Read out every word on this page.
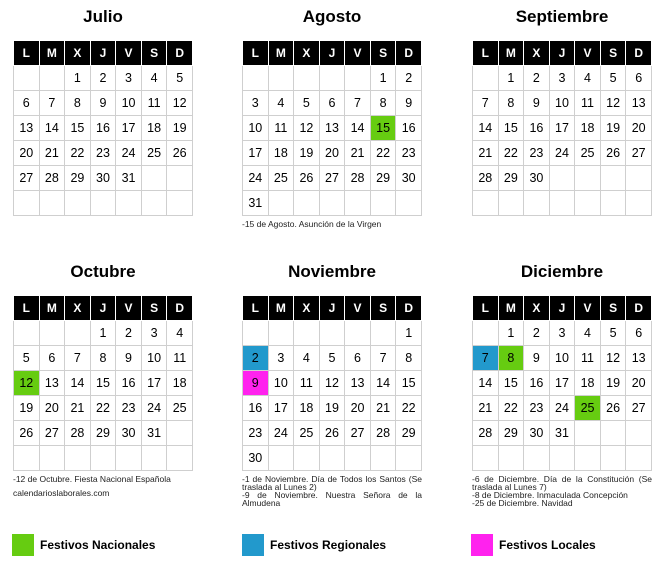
Julio
L	M	X	J	V	S	D
		1	2	3	4	5
6	7	8	9	10	11	12
13	14	15	16	17	18	19
20	21	22	23	24	25	26
27	28	29	30	31		

Agosto
L	M	X	J	V	S	D
					1	2
3	4	5	6	7	8	9
10	11	12	13	14	15	16
17	18	19	20	21	22	23
24	25	26	27	28	29	30
31						
-15 de Agosto. Asunción de la Virgen
Septiembre
L	M	X	J	V	S	D
	1	2	3	4	5	6
7	8	9	10	11	12	13
14	15	16	17	18	19	20
21	22	23	24	25	26	27
28	29	30				

Octubre
L	M	X	J	V	S	D
			1	2	3	4
5	6	7	8	9	10	11
12	13	14	15	16	17	18
19	20	21	22	23	24	25
26	27	28	29	30	31	

-12 de Octubre. Fiesta Nacional Española
calendarioslaborales.com
Noviembre
L	M	X	J	V	S	D
						1
2	3	4	5	6	7	8
9	10	11	12	13	14	15
16	17	18	19	20	21	22
23	24	25	26	27	28	29
30						
-1 de Noviembre. Día de Todos los Santos (Se traslada al Lunes 2)
-9 de Noviembre. Nuestra Señora de la Almudena
Diciembre
L	M	X	J	V	S	D
	1	2	3	4	5	6
7	8	9	10	11	12	13
14	15	16	17	18	19	20
21	22	23	24	25	26	27
28	29	30	31			

-6 de Diciembre. Día de la Constitución (Se traslada al Lunes 7)
-8 de Diciembre. Inmaculada Concepción
-25 de Diciembre. Navidad
Festivos Nacionales	Festivos Regionales	Festivos Locales
